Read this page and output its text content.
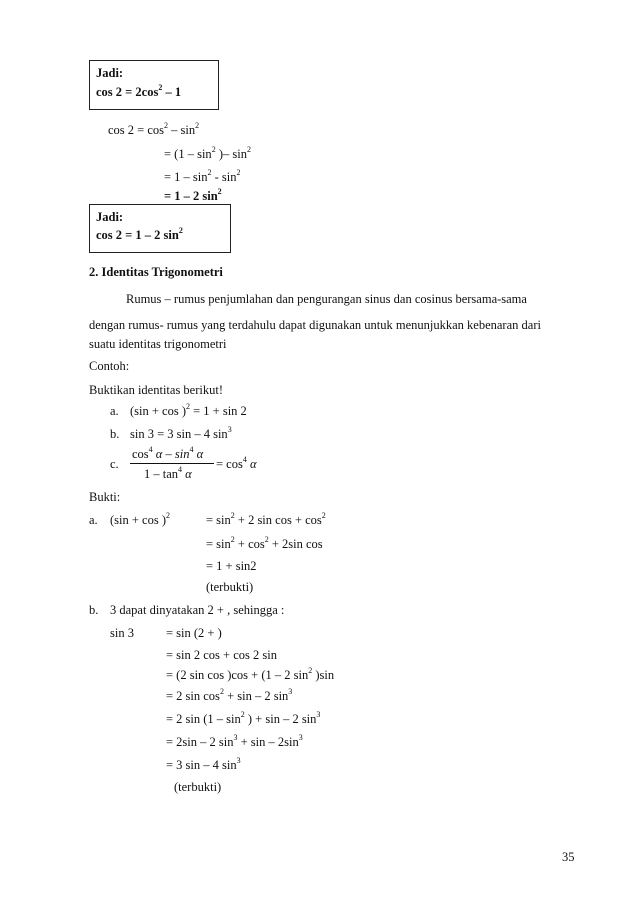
Jadi:
$\cos 2 = 2\cos^2 - 1$
$\cos 2 = \cos^2 - \sin^2$
= ($1 - \sin^2$ )– $\sin^2$
= $1 - \sin^2 - \sin^2$
= 1 – 2 $\sin^2$
Jadi:
cos 2 = 1 – 2 $\sin^2$
2. Identitas Trigonometri
Rumus – rumus penjumlahan dan pengurangan sinus dan cosinus bersama-sama
dengan rumus- rumus yang terdahulu dapat digunakan untuk menunjukkan kebenaran dari
suatu identitas trigonometri
Contoh:
Buktikan identitas berikut!
a. $(\sin + \cos )^2 = 1 + \sin 2$
b. sin 3 = 3 sin – 4 $\sin^3$
c.
$\cos^4 \alpha - \sin^4 \alpha$
$1 - \tan^4 \alpha$
= $\cos^4 \alpha$
Bukti:
a. $(\sin + \cos )^2$	= $\sin^2 + 2$ $\sin \cos + \cos^2$
= $\sin^2 + \cos^2 + 2\sin$ cos
= 1 + sin2
(terbukti)
b. 3 dapat dinyatakan 2 + , sehingga :
sin 3	= sin (2 + )
= sin 2 cos + cos 2 sin
= (2 sin cos )cos + (1 – 2 $\sin^2 )\sin$
= 2 $\sin \cos^2 + \sin - 2$ $\sin^3$
= 2 $\sin (1 - \sin^2$ ) + sin – 2 $\sin^3$
= 2sin – 2 $\sin^3 + \sin - 2\sin^3$
= 3 sin – 4 $\sin^3$
(terbukti)
35
